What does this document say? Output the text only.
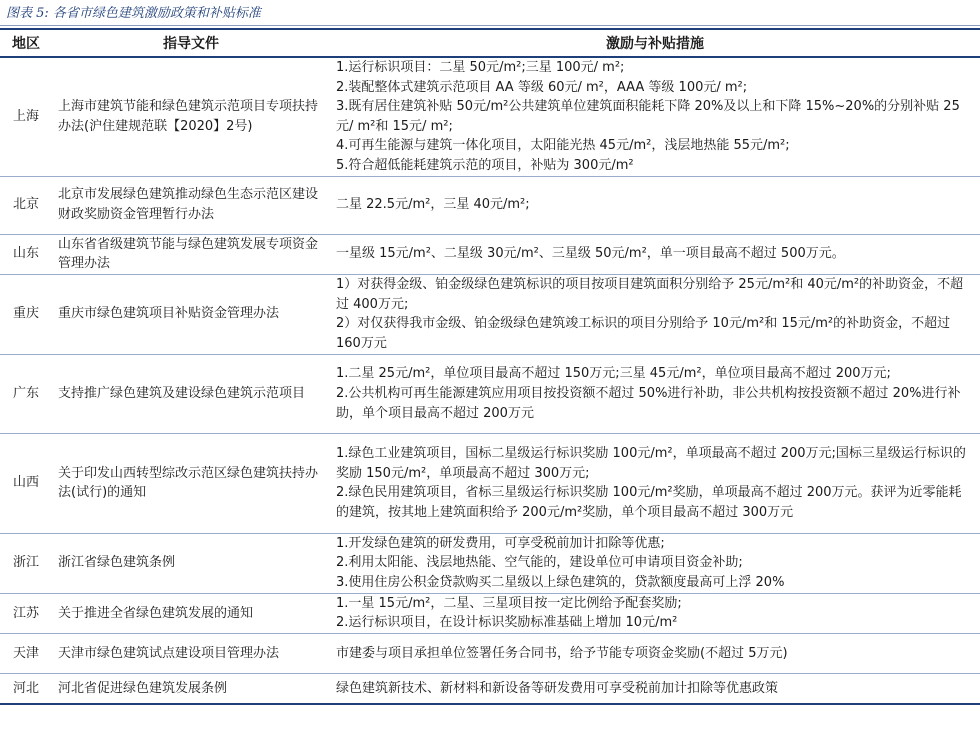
图表 5: 各省市绿色建筑激励政策和补贴标准
地区	指导文件	激励与补贴措施
上海	上海市建筑节能和绿色建筑示范项目专项扶持办法(沪住建规范联【2020】2号)	1.运行标识项目：二星 50元/m²;三星 100元/ m²;
2.装配整体式建筑示范项目 AA 等级 60元/ m²，AAA 等级 100元/ m²;
3.既有居住建筑补贴 50元/m²公共建筑单位建筑面积能耗下降 20%及以上和下降 15%~20%的分别补贴 25元/ m²和 15元/ m²;
4.可再生能源与建筑一体化项目，太阳能光热 45元/m²，浅层地热能 55元/m²;
5.符合超低能耗建筑示范的项目，补贴为 300元/m²

北京	北京市发展绿色建筑推动绿色生态示范区建设财政奖励资金管理暂行办法	二星 22.5元/m²，三星 40元/m²;

山东	山东省省级建筑节能与绿色建筑发展专项资金管理办法	一星级 15元/m²、二星级 30元/m²、三星级 50元/m²，单一项目最高不超过 500万元。

重庆	重庆市绿色建筑项目补贴资金管理办法	1）对获得金级、铂金级绿色建筑标识的项目按项目建筑面积分别给予 25元/m²和 40元/m²的补助资金，不超过 400万元;
2）对仅获得我市金级、铂金级绿色建筑竣工标识的项目分别给予 10元/m²和 15元/m²的补助资金，不超过 160万元

广东	支持推广绿色建筑及建设绿色建筑示范项目	1.二星 25元/m²，单位项目最高不超过 150万元;三星 45元/m²，单位项目最高不超过 200万元;
2.公共机构可再生能源建筑应用项目按投资额不超过 50%进行补助，非公共机构按投资额不超过 20%进行补助，单个项目最高不超过 200万元

山西	关于印发山西转型综改示范区绿色建筑扶持办法(试行)的通知	1.绿色工业建筑项目，国标二星级运行标识奖励 100元/m²，单项最高不超过 200万元;国标三星级运行标识的奖励 150元/m²，单项最高不超过 300万元;
2.绿色民用建筑项目，省标三星级运行标识奖励 100元/m²奖励，单项最高不超过 200万元。获评为近零能耗的建筑，按其地上建筑面积给予 200元/m²奖励，单个项目最高不超过 300万元

浙江	浙江省绿色建筑条例	1.开发绿色建筑的研发费用，可享受税前加计扣除等优惠;
2.利用太阳能、浅层地热能、空气能的，建设单位可申请项目资金补助;
3.使用住房公积金贷款购买二星级以上绿色建筑的，贷款额度最高可上浮 20%

江苏	关于推进全省绿色建筑发展的通知	1.一星 15元/m²，二星、三星项目按一定比例给予配套奖励;
2.运行标识项目，在设计标识奖励标准基础上增加 10元/m²

天津	天津市绿色建筑试点建设项目管理办法	市建委与项目承担单位签署任务合同书，给予节能专项资金奖励(不超过 5万元)

河北	河北省促进绿色建筑发展条例	绿色建筑新技术、新材料和新设备等研发费用可享受税前加计扣除等优惠政策
